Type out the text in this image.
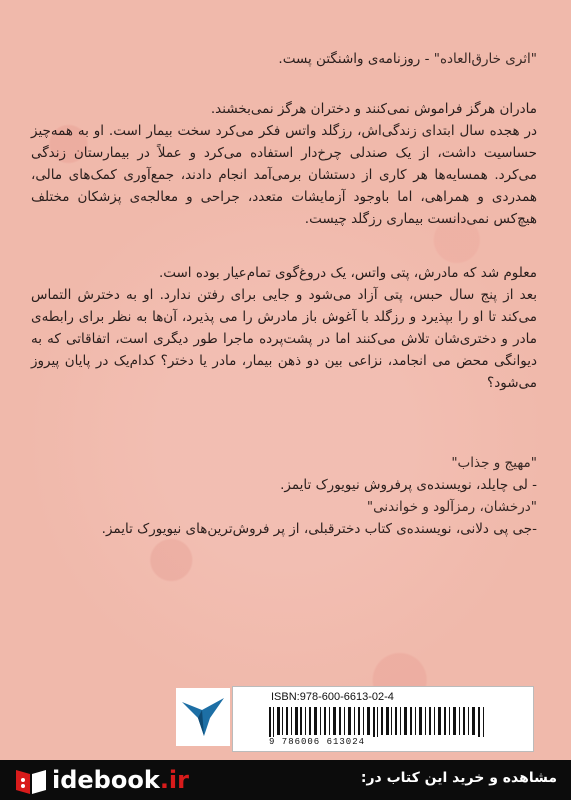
"اثری خارق‌العاده" - روزنامه‌ی واشنگتن پست.

مادران هرگز فراموش نمی‌کنند و دختران هرگز نمی‌بخشند.

در هجده سال ابتدای زندگی‌اش، رزگلد واتس فکر می‌کرد سخت بیمار است. او به همه‌چیز حساسیت داشت، از یک صندلی چرخ‌دار استفاده می‌کرد و عملاً در بیمارستان زندگی می‌کرد. همسایه‌ها هر کاری از دستشان برمی‌آمد انجام دادند، جمع‌آوری کمک‌های مالی، همدردی و همراهی، اما باوجود آزمایشات متعدد، جراحی و معالجه‌ی پزشکان مختلف هیچ‌کس نمی‌دانست بیماری رزگلد چیست.

معلوم شد که مادرش، پتی واتس، یک دروغ‌گوی تمام‌عیار بوده است.

بعد از پنج سال حبس، پتی آزاد می‌شود و جایی برای رفتن ندارد. او به دخترش التماس می‌کند تا او را بپذیرد و رزگلد با آغوش باز مادرش را می پذیرد، آن‌ها به نظر برای رابطه‌ی مادر و دختری‌شان تلاش می‌کنند اما در پشت‌پرده ماجرا طور دیگری است، اتفاقاتی که به دیوانگی محض می انجامد، نزاعی بین دو ذهن بیمار، مادر یا دختر؟ کدام‌یک در پایان پیروز می‌شود؟

"مهیج و جذاب"

- لی چایلد، نویسنده‌ی پرفروش نیویورک تایمز.

"درخشان، رمزآلود و خواندنی"

-جی پی دلانی، نویسنده‌ی کتاب دخترقبلی، از پر فروش‌ترین‌های نیویورک تایمز.

ISBN:978-600-6613-02-4
9 786006 613024
idebook.ir	مشاهده و خرید این کتاب در:
